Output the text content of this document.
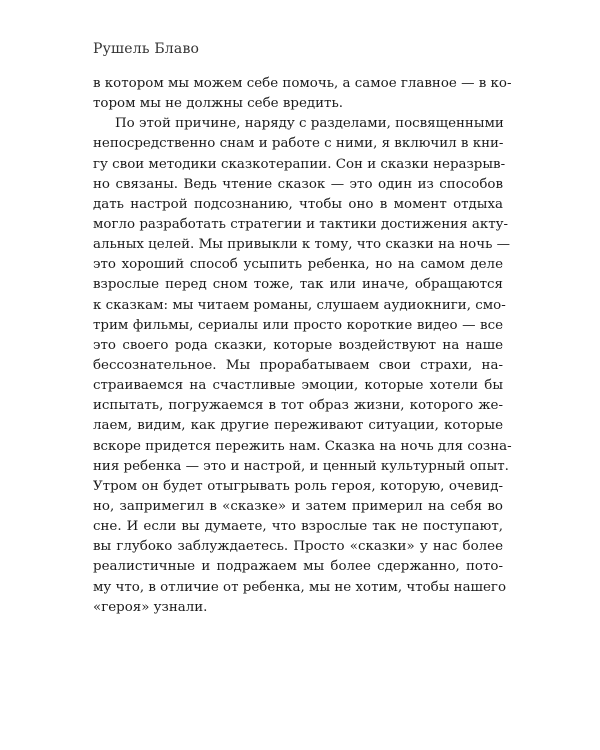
Рушель Блаво
в котором мы можем себе помочь, а самое главное — в ко-
тором мы не должны себе вредить.
По этой причине, наряду с разделами, посвященными
непосредственно снам и работе с ними, я включил в кни-
гу свои методики сказкотерапии. Сон и сказки неразрыв-
но связаны. Ведь чтение сказок — это один из способов
дать настрой подсознанию, чтобы оно в момент отдыха
могло разработать стратегии и тактики достижения акту-
альных целей. Мы привыкли к тому, что сказки на ночь —
это хороший способ усыпить ребенка, но на самом деле
взрослые перед сном тоже, так или иначе, обращаются
к сказкам: мы читаем романы, слушаем аудиокниги, смо-
трим фильмы, сериалы или просто короткие видео — все
это своего рода сказки, которые воздействуют на наше
бессознательное. Мы прорабатываем свои страхи, на-
страиваемся на счастливые эмоции, которые хотели бы
испытать, погружаемся в тот образ жизни, которого же-
лаем, видим, как другие переживают ситуации, которые
вскоре придется пережить нам. Сказка на ночь для созна-
ния ребенка — это и настрой, и ценный культурный опыт.
Утром он будет отыгрывать роль героя, которую, очевид-
но, запримегил в «сказке» и затем примерил на себя во
сне. И если вы думаете, что взрослые так не поступают,
вы глубоко заблуждаетесь. Просто «сказки» у нас более
реалистичные и подражаем мы более сдержанно, пото-
му что, в отличие от ребенка, мы не хотим, чтобы нашего
«героя» узнали.
